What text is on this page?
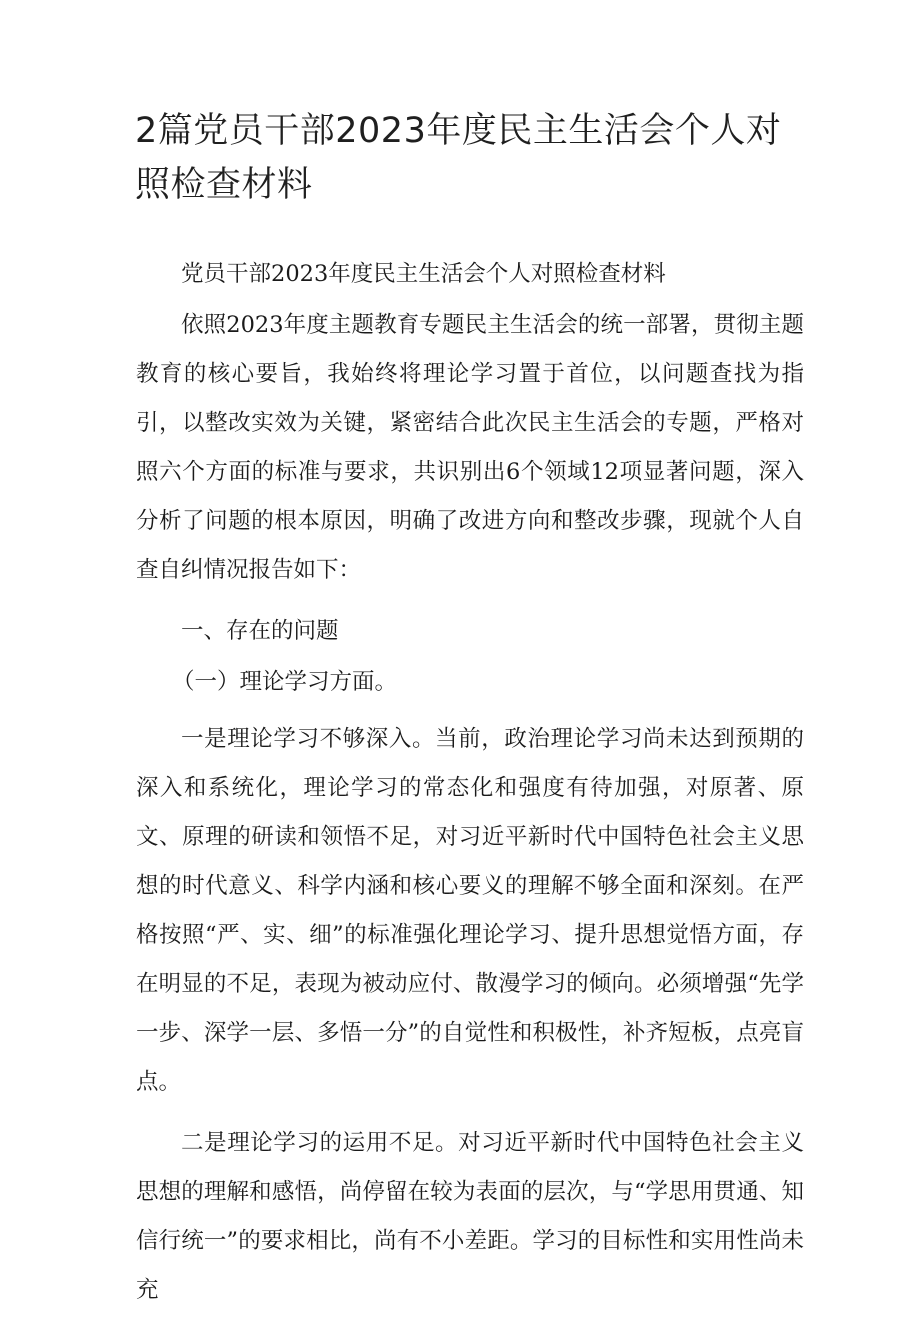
2篇党员干部2023年度民主生活会个人对照检查材料

党员干部2023年度民主生活会个人对照检查材料

依照2023年度主题教育专题民主生活会的统一部署，贯彻主题教育的核心要旨，我始终将理论学习置于首位，以问题查找为指引，以整改实效为关键，紧密结合此次民主生活会的专题，严格对照六个方面的标准与要求，共识别出6个领域12项显著问题，深入分析了问题的根本原因，明确了改进方向和整改步骤，现就个人自查自纠情况报告如下：

一、存在的问题

（一）理论学习方面。

一是理论学习不够深入。当前，政治理论学习尚未达到预期的深入和系统化，理论学习的常态化和强度有待加强，对原著、原文、原理的研读和领悟不足，对习近平新时代中国特色社会主义思想的时代意义、科学内涵和核心要义的理解不够全面和深刻。在严格按照“严、实、细”的标准强化理论学习、提升思想觉悟方面，存在明显的不足，表现为被动应付、散漫学习的倾向。必须增强“先学一步、深学一层、多悟一分”的自觉性和积极性，补齐短板，点亮盲点。

二是理论学习的运用不足。对习近平新时代中国特色社会主义思想的理解和感悟，尚停留在较为表面的层次，与“学思用贯通、知信行统一”的要求相比，尚有不小差距。学习的目标性和实用性尚未充
